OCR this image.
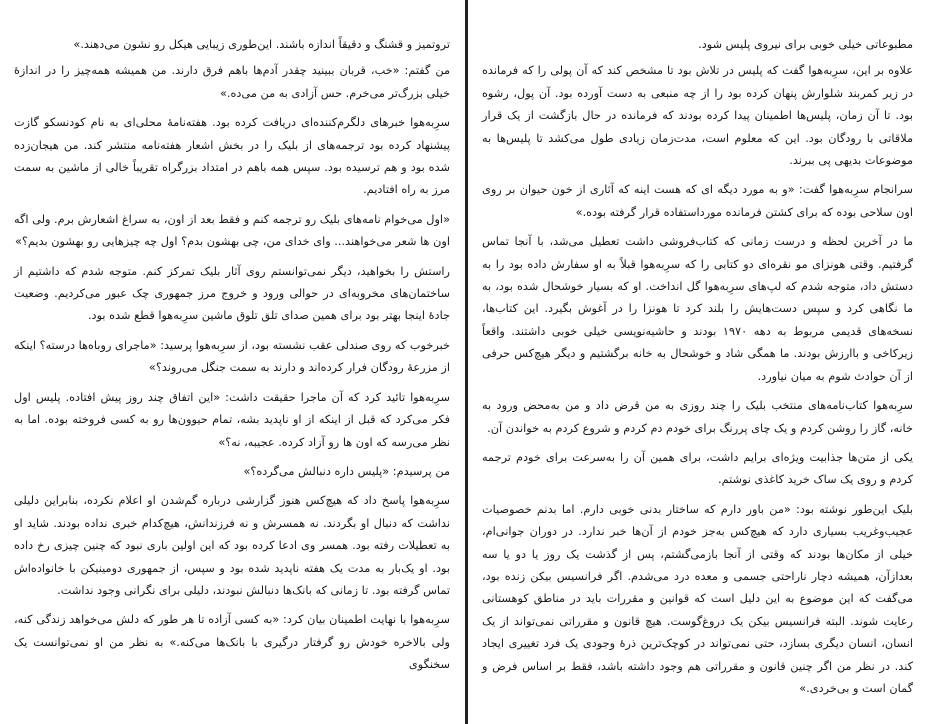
ترو‌تمیز و قشنگ و دقیقاً اندازه باشند. این‌طوری زیبایی هیکل رو نشون می‌دهند.»

من گفتم: «خب، قربان ببینید چقدر آدم‌ها باهم فرق دارند. من همیشه همه‌چیز را در اندازهٔ خیلی بزرگ‌تر می‌خرم. حس آزادی به من می‌ده.»

سرِبه‌هوا خبرهای دلگرم‌کننده‌ای دریافت کرده بود. هفته‌نامهٔ محلی‌ای به نام کودنسکو گازت پیشنهاد کرده بود ترجمه‌های از بلیک را در بخش اشعار هفته‌نامه منتشر کند. من هیجان‌زده شده بود و هم ترسیده بود. سپس همه باهم در امتداد بزرگراه تقریباً خالی از ماشین به سمت مرز به راه افتادیم.

«اول می‌خوام نامه‌های بلیک رو ترجمه کنم و فقط بعد از اون، به سراغ اشعارش برم. ولی اگه اون ها شعر می‌خواهند... وای خدای من، چی بهشون بدم؟ اول چه چیزهایی رو بهشون بدیم؟»

راستش را بخواهید، دیگر نمی‌توانستم روی آثار بلیک تمرکز کنم. متوجه شدم که داشتیم از ساختمان‌های مخروبه‌ای در حوالی ورود و خروج مرز جمهوری چک عبور می‌کردیم. وضعیت جادهٔ اینجا بهتر بود برای همین صدای تلق تلوق ماشین سرِبه‌هوا قطع شده بود.

خبرخوب که روی صندلی عقب نشسته بود، از سرِبه‌هوا پرسید: «ماجرای روباه‌ها درسته؟ اینکه از مزرعهٔ رودگان فرار کرده‌اند و دارند به سمت جنگل می‌روند؟»

سرِبه‌هوا تائید کرد که آن ماجرا حقیقت داشت: «این اتفاق چند روز پیش افتاده. پلیس اول فکر می‌کرد که قبل از اینکه از او ناپدید بشه، تمام حیوون‌ها رو به کسی فروخته بوده. اما به نظر می‌رسه که اون ها رو آزاد کرده. عجیبه، نه؟»

من پرسیدم: «پلیس داره دنبالش می‌گرده؟»

سرِبه‌هوا پاسخ داد که هیچ‌کس هنوز گزارشی درباره گم‌شدن او اعلام نکرده، بنابراین دلیلی نداشت که دنبال او بگردند. نه همسرش و نه فرزندانش، هیچ‌کدام خبری نداده بودند. شاید او به تعطیلات رفته بود. همسر وی ادعا کرده بود که این اولین باری نبود که چنین چیزی رخ داده بود. او یک‌بار به مدت یک هفته ناپدید شده بود و سپس، از جمهوری دومینیکن با خانواده‌اش تماس گرفته بود. تا زمانی که بانک‌ها دنبالش نبودند، دلیلی برای نگرانی وجود نداشت.

سرِبه‌هوا با نهایت اطمینان بیان کرد: «به کسی آزاده تا هر طور که دلش می‌خواهد زندگی کنه، ولی بالاخره خودش رو گرفتار درگیری با بانک‌ها می‌کنه.» به نظر من او نمی‌توانست یک سخنگوی

مطبوعاتی خیلی خوبی برای نیروی پلیس شود.

علاوه بر این، سرِبه‌هوا گفت که پلیس در تلاش بود تا مشخص کند که آن پولی را که فرمانده در زیر کمربند شلوارش پنهان کرده بود را از چه منبعی به دست آورده بود. آن پول، رشوه بود. تا آن زمان، پلیس‌ها اطمینان پیدا کرده بودند که فرمانده در حال بازگشت از یک قرار ملاقاتی با رودگان بود. این که معلوم است، مدت‌زمان زیادی طول می‌کشد تا پلیس‌ها به موضوعات بدیهی پی ببرند.

سرانجام سرِبه‌هوا گفت: «و به مورد دیگه ای که هست اینه که آثاری از خون حیوان بر روی اون سلاحی بوده که برای کشتن فرمانده مورداستفاده قرار گرفته بوده.»

ما در آخرین لحظه و درست زمانی که کتاب‌فروشی داشت تعطیل می‌شد، با آنجا تماس گرفتیم. وقتی هونزای مو نقره‌ای دو کتابی را که سرِبه‌هوا قبلاً به او سفارش داده بود را به دستش داد، متوجه شدم که لپ‌های سرِبه‌هوا گل انداخت. او که بسیار خوشحال شده بود، به ما نگاهی کرد و سپس دست‌هایش را بلند کرد تا هونزا را در آغوش بگیرد. این کتاب‌ها، نسخه‌های قدیمی مربوط به دهه ۱۹۷۰ بودند و حاشیه‌نویسی خیلی خوبی داشتند. واقعاً زیرکاخی و باارزش بودند. ما همگی شاد و خوشحال به خانه برگشتیم و دیگر هیچ‌کس حرفی از آن حوادث شوم به میان نیاورد.

سرِبه‌هوا کتاب‌نامه‌های منتخب بلیک را چند روزی به من قرض داد و من به‌محض ورود به خانه، گاز را روشن کردم و یک چای پررنگ برای خودم دم کردم و شروع کردم به خواندن آن.

یکی از متن‌ها جذابیت ویژه‌ای برایم داشت، برای همین آن را به‌سرعت برای خودم ترجمه کردم و روی یک ساک خرید کاغذی نوشتم.

بلیک این‌طور نوشته بود: «من باور دارم که ساختار بدنی خوبی دارم. اما بدنم خصوصیات عجیب‌وغریب بسیاری دارد که هیچ‌کس به‌جز خودم از آن‌ها خبر ندارد. در دوران جوانی‌ام، خیلی از مکان‌ها بودند که وقتی از آنجا بازمی‌گشتم، پس از گذشت یک روز یا دو یا سه بعدازآن، همیشه دچار ناراحتی جسمی و معده درد می‌شدم. اگر فرانسیس بیکن زنده بود، می‌گفت که این موضوع به این دلیل است که قوانین و مقررات باید در مناطق کوهستانی رعایت شوند. البته فرانسیس بیکن یک دروغ‌گوست. هیچ قانون و مقرراتی نمی‌تواند از یک انسان، انسان دیگری بسازد، حتی نمی‌تواند در کوچک‌ترین ذرهٔ وجودی یک فرد تغییری ایجاد کند. در نظر من اگر چنین قانون و مقرراتی هم وجود داشته باشد، فقط بر اساس فرض و گمان است و بی‌خردی.»
